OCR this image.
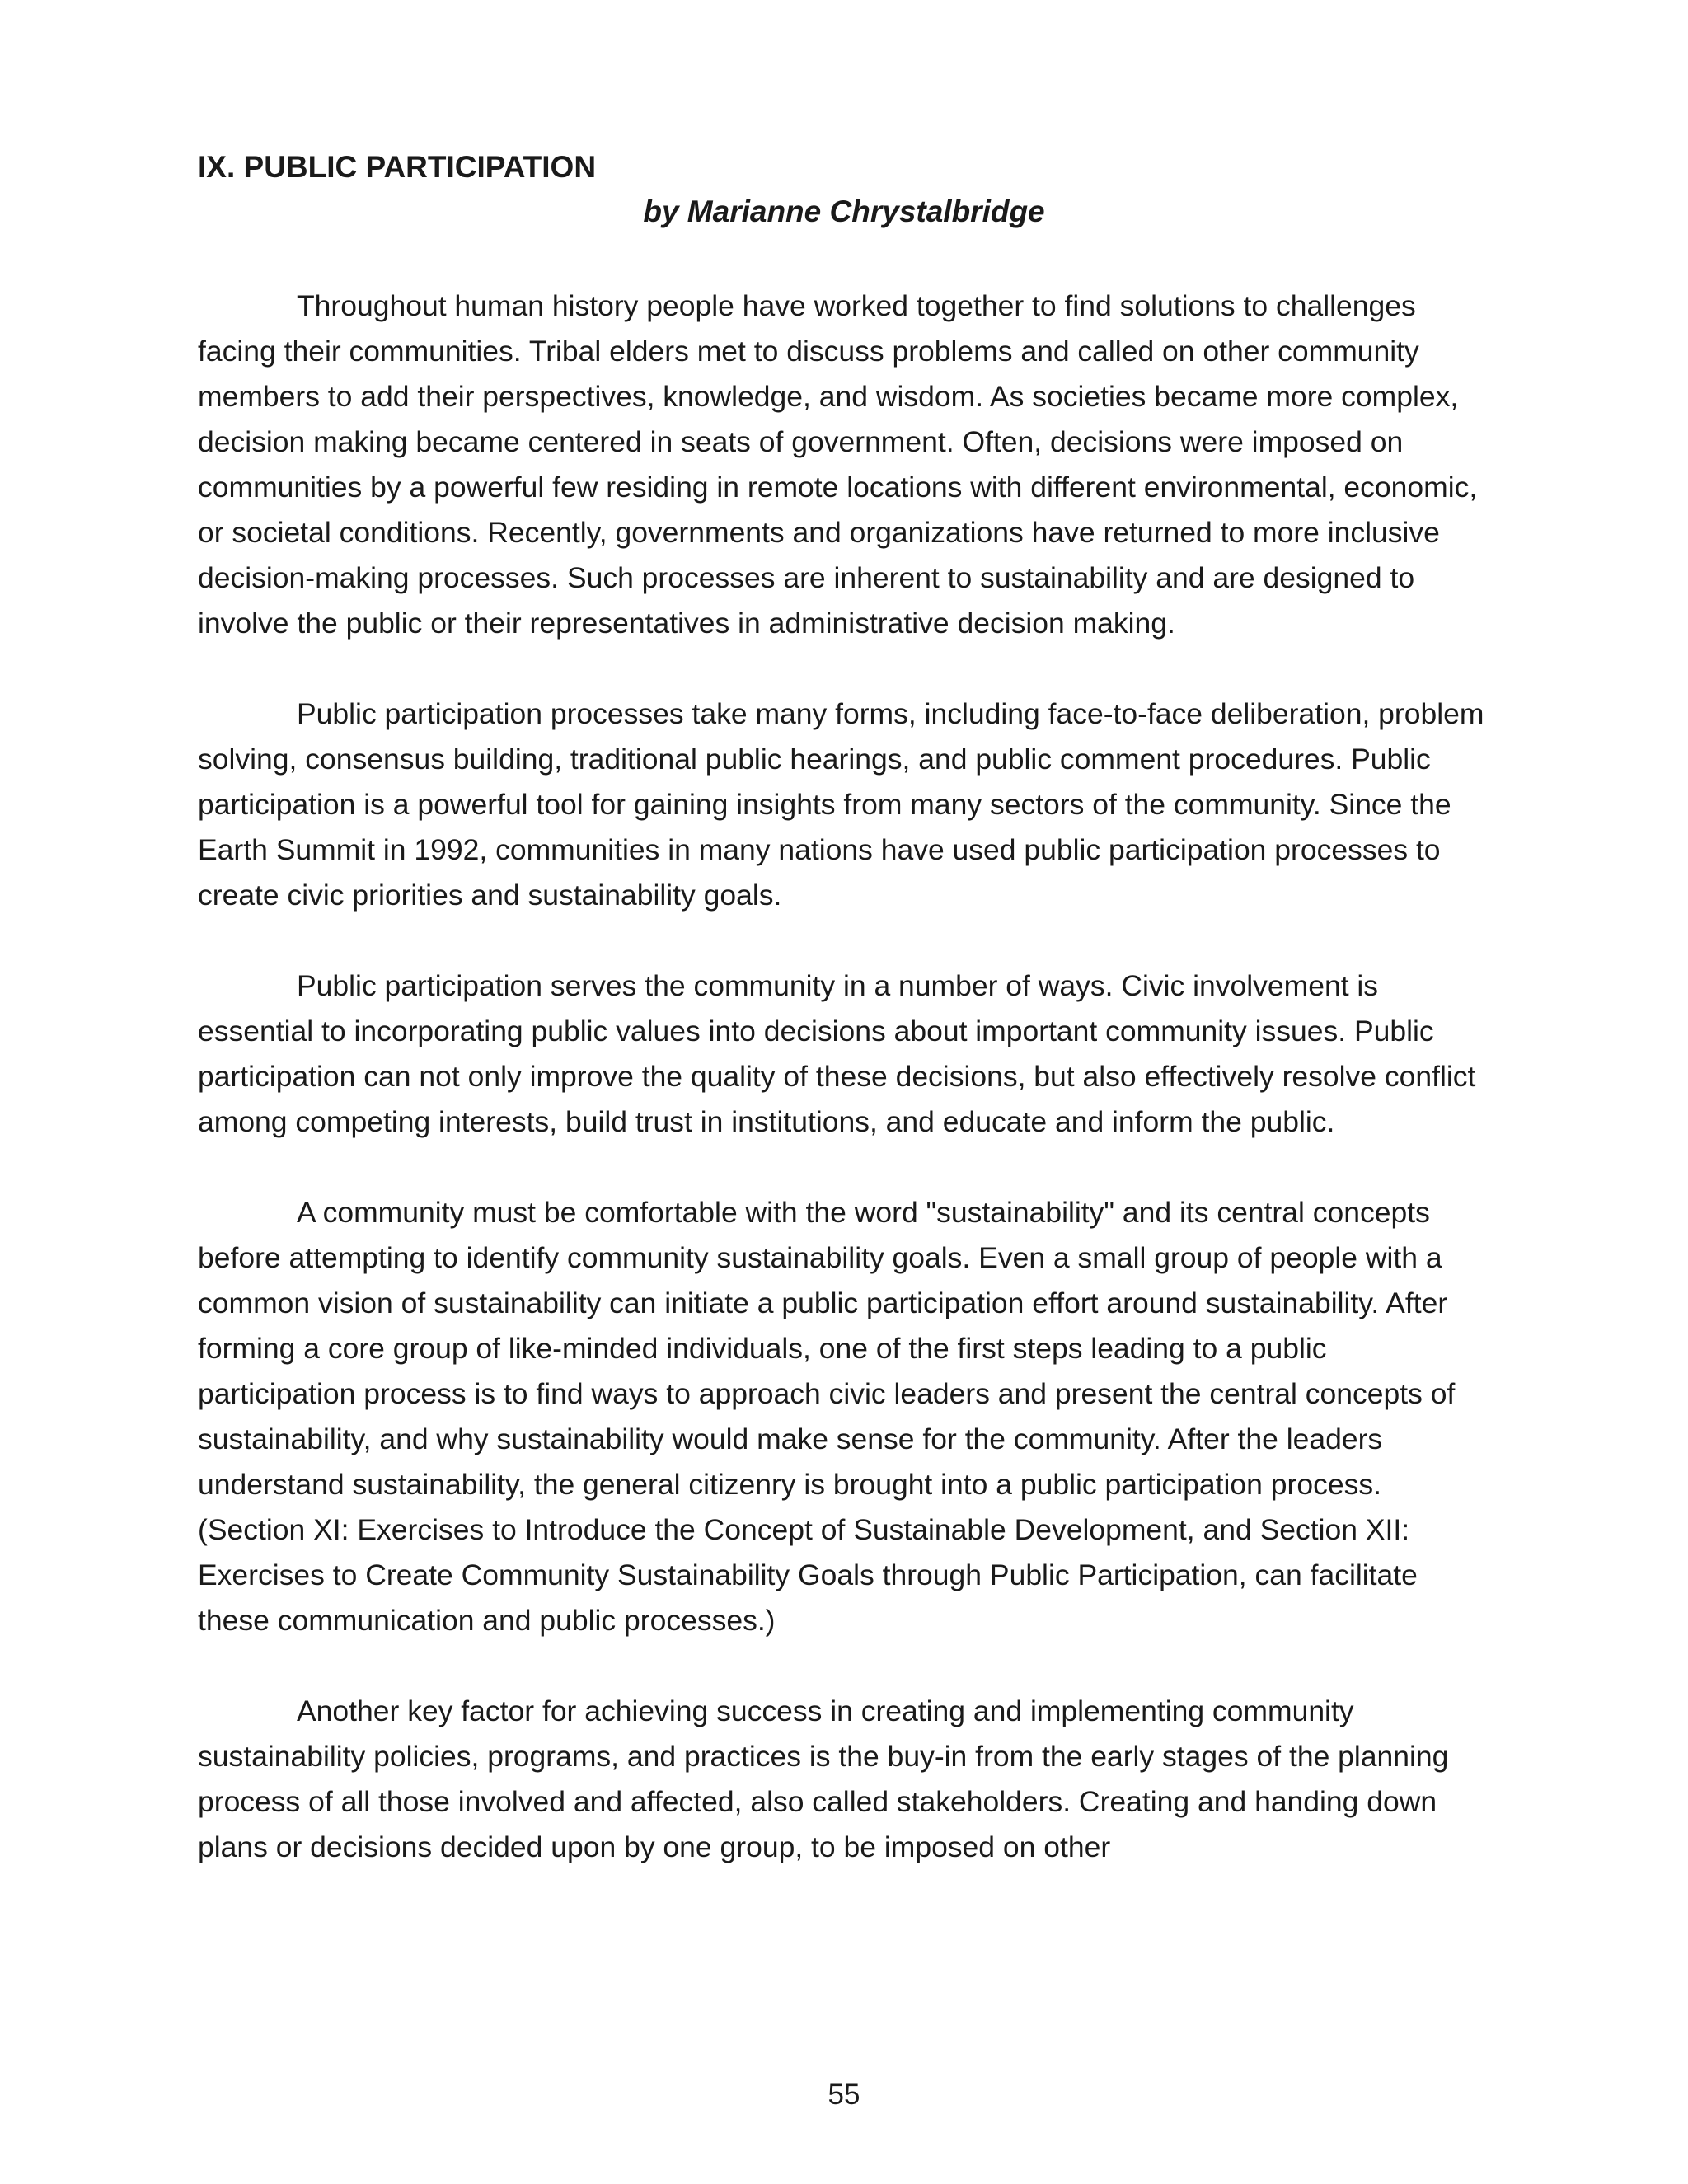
IX. PUBLIC PARTICIPATION
by Marianne Chrystalbridge

Throughout human history people have worked together to find solutions to challenges facing their communities. Tribal elders met to discuss problems and called on other community members to add their perspectives, knowledge, and wisdom. As societies became more complex, decision making became centered in seats of government. Often, decisions were imposed on communities by a powerful few residing in remote locations with different environmental, economic, or societal conditions. Recently, governments and organizations have returned to more inclusive decision-making processes. Such processes are inherent to sustainability and are designed to involve the public or their representatives in administrative decision making.

Public participation processes take many forms, including face-to-face deliberation, problem solving, consensus building, traditional public hearings, and public comment procedures. Public participation is a powerful tool for gaining insights from many sectors of the community. Since the Earth Summit in 1992, communities in many nations have used public participation processes to create civic priorities and sustainability goals.

Public participation serves the community in a number of ways. Civic involvement is essential to incorporating public values into decisions about important community issues. Public participation can not only improve the quality of these decisions, but also effectively resolve conflict among competing interests, build trust in institutions, and educate and inform the public.

A community must be comfortable with the word "sustainability" and its central concepts before attempting to identify community sustainability goals. Even a small group of people with a common vision of sustainability can initiate a public participation effort around sustainability. After forming a core group of like-minded individuals, one of the first steps leading to a public participation process is to find ways to approach civic leaders and present the central concepts of sustainability, and why sustainability would make sense for the community. After the leaders understand sustainability, the general citizenry is brought into a public participation process. (Section XI: Exercises to Introduce the Concept of Sustainable Development, and Section XII: Exercises to Create Community Sustainability Goals through Public Participation, can facilitate these communication and public processes.)

Another key factor for achieving success in creating and implementing community sustainability policies, programs, and practices is the buy-in from the early stages of the planning process of all those involved and affected, also called stakeholders. Creating and handing down plans or decisions decided upon by one group, to be imposed on other

55
